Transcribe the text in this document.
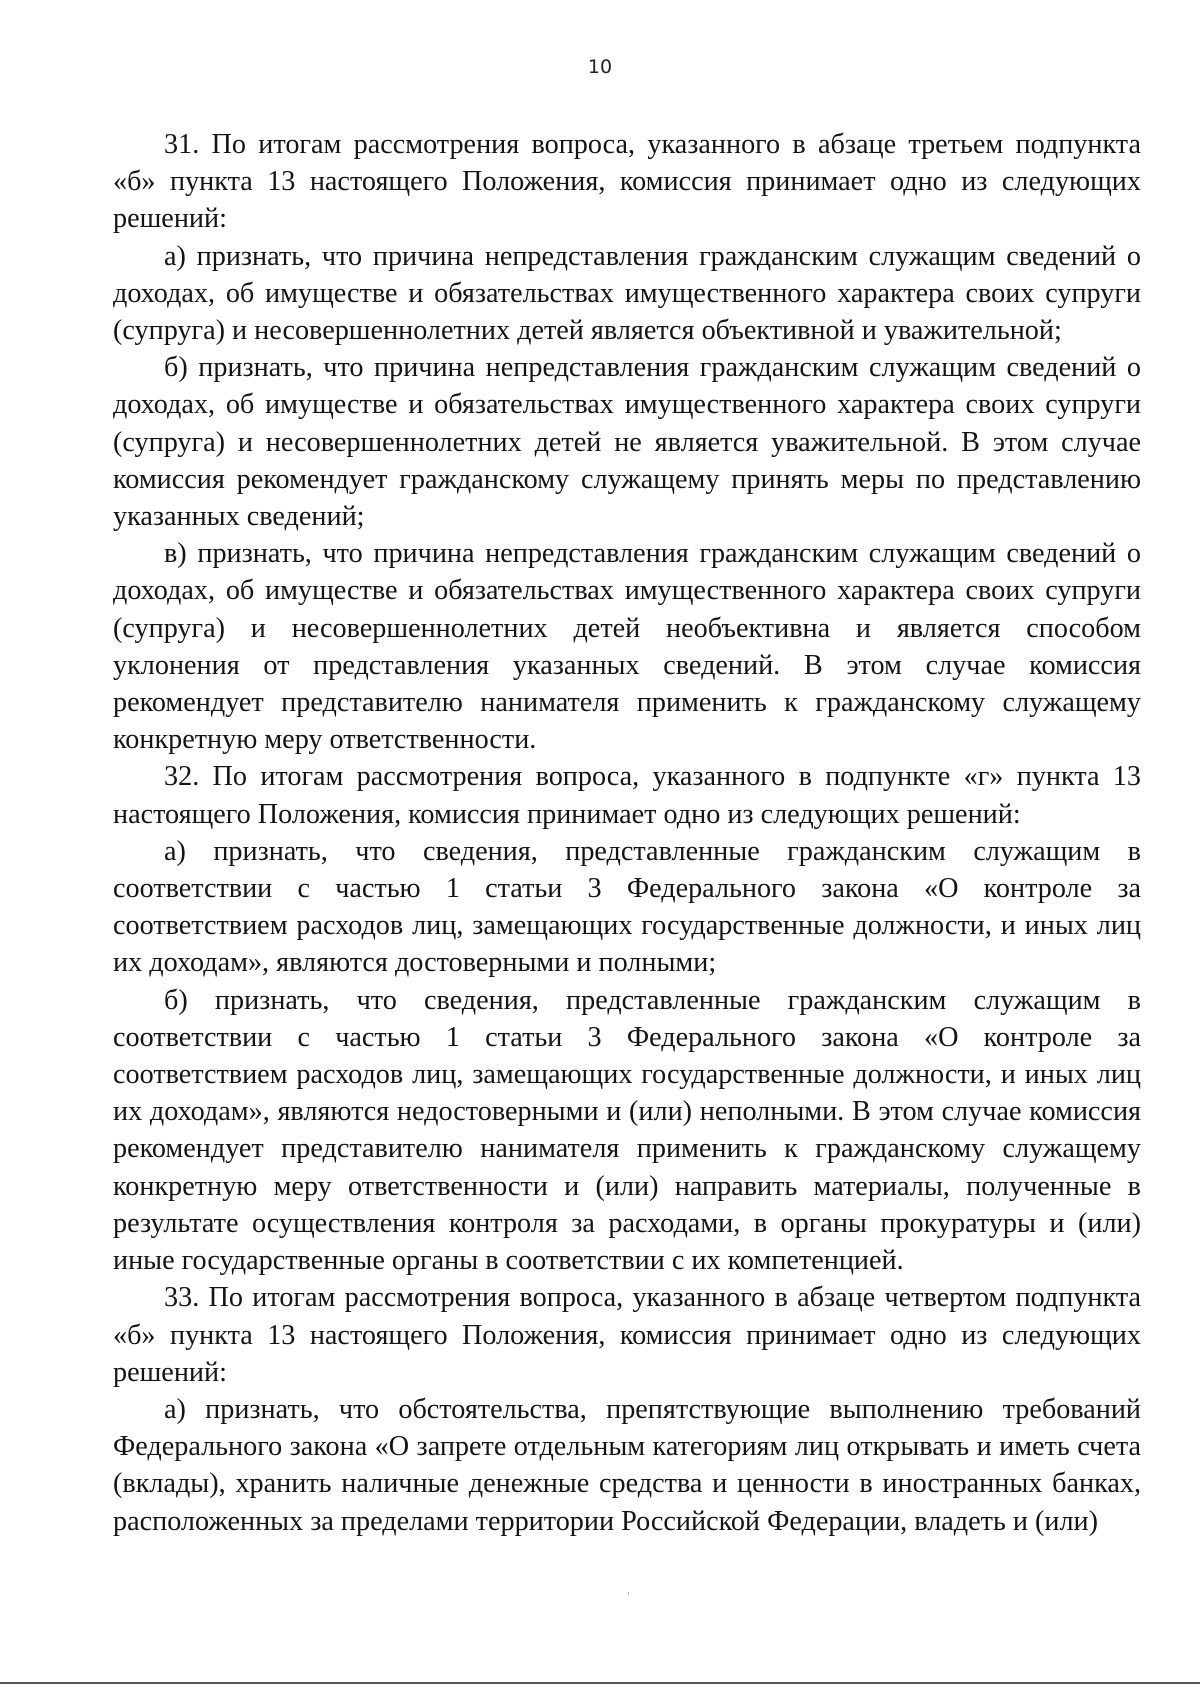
10

31. По итогам рассмотрения вопроса, указанного в абзаце третьем подпункта «б» пункта 13 настоящего Положения, комиссия принимает одно из следующих решений:

а) признать, что причина непредставления гражданским служащим сведений о доходах, об имуществе и обязательствах имущественного характера своих супруги (супруга) и несовершеннолетних детей является объективной и уважительной;

б) признать, что причина непредставления гражданским служащим сведений о доходах, об имуществе и обязательствах имущественного характера своих супруги (супруга) и несовершеннолетних детей не является уважительной. В этом случае комиссия рекомендует гражданскому служащему принять меры по представлению указанных сведений;

в) признать, что причина непредставления гражданским служащим сведений о доходах, об имуществе и обязательствах имущественного характера своих супруги (супруга) и несовершеннолетних детей необъективна и является способом уклонения от представления указанных сведений. В этом случае комиссия рекомендует представителю нанимателя применить к гражданскому служащему конкретную меру ответственности.

32. По итогам рассмотрения вопроса, указанного в подпункте «г» пункта 13 настоящего Положения, комиссия принимает одно из следующих решений:

а) признать, что сведения, представленные гражданским служащим в соответствии с частью 1 статьи 3 Федерального закона «О контроле за соответствием расходов лиц, замещающих государственные должности, и иных лиц их доходам», являются достоверными и полными;

б) признать, что сведения, представленные гражданским служащим в соответствии с частью 1 статьи 3 Федерального закона «О контроле за соответствием расходов лиц, замещающих государственные должности, и иных лиц их доходам», являются недостоверными и (или) неполными. В этом случае комиссия рекомендует представителю нанимателя применить к гражданскому служащему конкретную меру ответственности и (или) направить материалы, полученные в результате осуществления контроля за расходами, в органы прокуратуры и (или) иные государственные органы в соответствии с их компетенцией.

33. По итогам рассмотрения вопроса, указанного в абзаце четвертом подпункта «б» пункта 13 настоящего Положения, комиссия принимает одно из следующих решений:

а) признать, что обстоятельства, препятствующие выполнению требований Федерального закона «О запрете отдельным категориям лиц открывать и иметь счета (вклады), хранить наличные денежные средства и ценности в иностранных банках, расположенных за пределами территории Российской Федерации, владеть и (или)
